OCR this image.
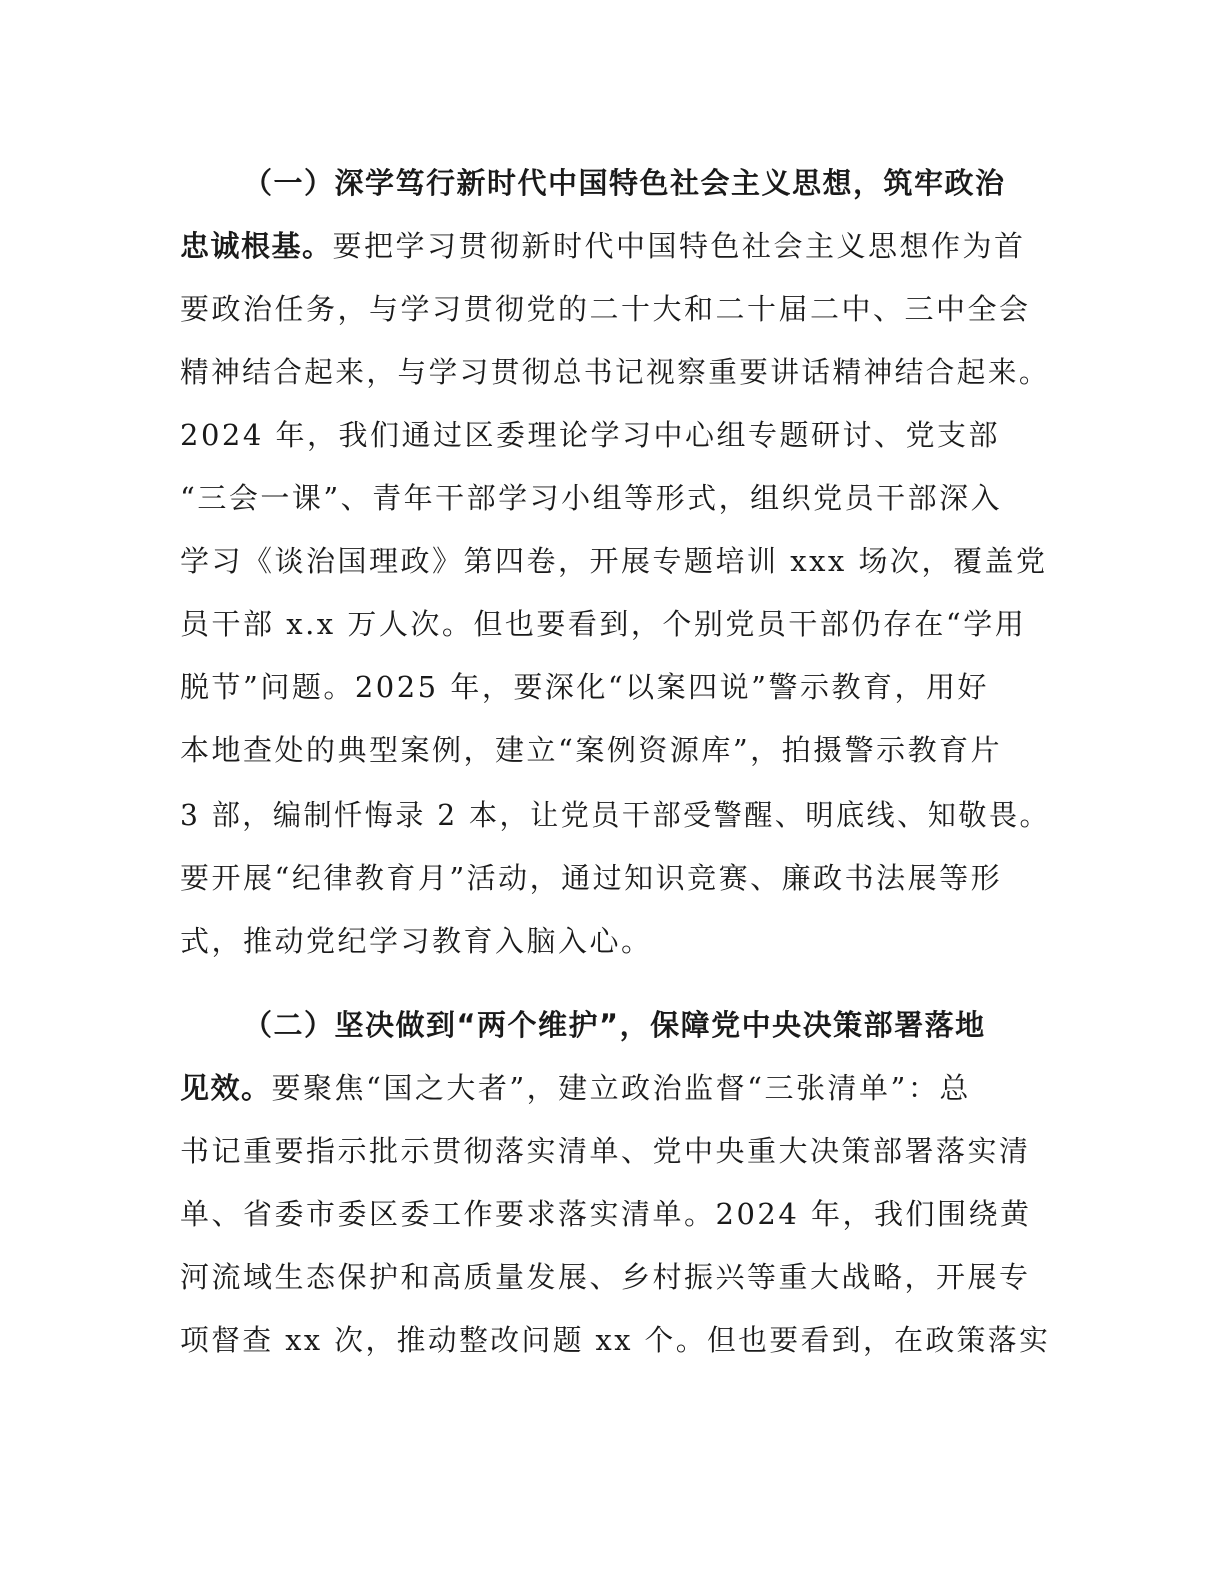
（一）深学笃行新时代中国特色社会主义思想，筑牢政治
忠诚根基。要把学习贯彻新时代中国特色社会主义思想作为首
要政治任务，与学习贯彻党的二十大和二十届二中、三中全会
精神结合起来，与学习贯彻总书记视察重要讲话精神结合起来。
2024 年，我们通过区委理论学习中心组专题研讨、党支部
“三会一课”、青年干部学习小组等形式，组织党员干部深入
学习《谈治国理政》第四卷，开展专题培训 xxx 场次，覆盖党
员干部 x.x 万人次。但也要看到，个别党员干部仍存在“学用
脱节”问题。2025 年，要深化“以案四说”警示教育，用好
本地查处的典型案例，建立“案例资源库”，拍摄警示教育片
3 部，编制忏悔录 2 本，让党员干部受警醒、明底线、知敬畏。
要开展“纪律教育月”活动，通过知识竞赛、廉政书法展等形
式，推动党纪学习教育入脑入心。
（二）坚决做到“两个维护”，保障党中央决策部署落地
见效。要聚焦“国之大者”，建立政治监督“三张清单”：总
书记重要指示批示贯彻落实清单、党中央重大决策部署落实清
单、省委市委区委工作要求落实清单。2024 年，我们围绕黄
河流域生态保护和高质量发展、乡村振兴等重大战略，开展专
项督查 xx 次，推动整改问题 xx 个。但也要看到，在政策落实
